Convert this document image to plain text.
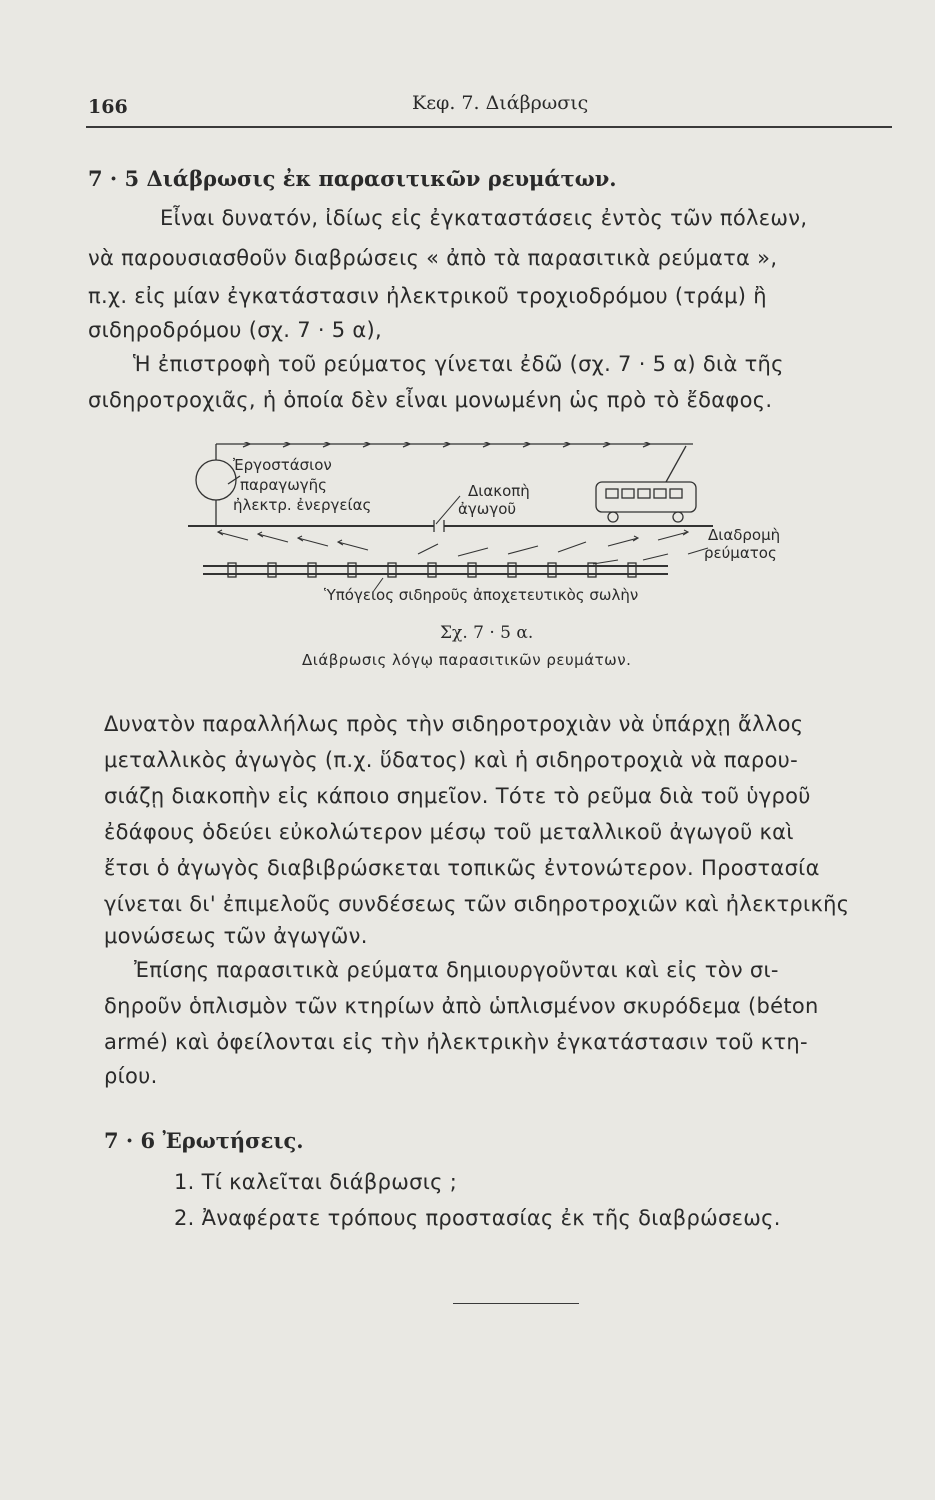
166	Κεφ. 7. Διάβρωσις
7 · 5 Διάβρωσις ἐκ παρασιτικῶν ρευμάτων.
Εἶναι δυνατόν, ἰδίως εἰς ἐγκαταστάσεις ἐντὸς τῶν πόλεων,
νὰ παρουσιασθοῦν διαβρώσεις « ἀπὸ τὰ παρασιτικὰ ρεύματα »,
π.χ. εἰς μίαν ἐγκατάστασιν ἠλεκτρικοῦ τροχιοδρόμου (τράμ) ἢ
σιδηροδρόμου (σχ. 7 · 5 α),
Ἡ ἐπιστροφὴ τοῦ ρεύματος γίνεται ἐδῶ (σχ. 7 · 5 α) διὰ τῆς
σιδηροτροχιᾶς, ἡ ὁποία δὲν εἶναι μονωμένη ὡς πρὸ τὸ ἔδαφος.
Ἐργοστάσιον
παραγωγῆς
ἠλεκτρ. ἐνεργείας
Διακοπὴ
ἀγωγοῦ
Διαδρομὴ
ρεύματος
Ὑπόγειος σιδηροῦς ἀποχετευτικὸς σωλὴν
Σχ. 7 · 5 α.
Διάβρωσις λόγῳ παρασιτικῶν ρευμάτων.
Δυνατὸν παραλλήλως πρὸς τὴν σιδηροτροχιὰν νὰ ὑπάρχῃ ἄλλος
μεταλλικὸς ἀγωγὸς (π.χ. ὕδατος) καὶ ἡ σιδηροτροχιὰ νὰ παρου-
σιάζῃ διακοπὴν εἰς κάποιο σημεῖον. Τότε τὸ ρεῦμα διὰ τοῦ ὑγροῦ
ἐδάφους ὁδεύει εὐκολώτερον μέσῳ τοῦ μεταλλικοῦ ἀγωγοῦ καὶ
ἔτσι ὁ ἀγωγὸς διαβιβρώσκεται τοπικῶς ἐντονώτερον. Προστασία
γίνεται δι' ἐπιμελοῦς συνδέσεως τῶν σιδηροτροχιῶν καὶ ἠλεκτρικῆς
μονώσεως τῶν ἀγωγῶν.
Ἐπίσης παρασιτικὰ ρεύματα δημιουργοῦνται καὶ εἰς τὸν σι-
δηροῦν ὁπλισμὸν τῶν κτηρίων ἀπὸ ὡπλισμένον σκυρόδεμα (béton
armé) καὶ ὀφείλονται εἰς τὴν ἠλεκτρικὴν ἐγκατάστασιν τοῦ κτη-
ρίου.
7 · 6 Ἐρωτήσεις.
1. Τί καλεῖται διάβρωσις ;
2. Ἀναφέρατε τρόπους προστασίας ἐκ τῆς διαβρώσεως.
